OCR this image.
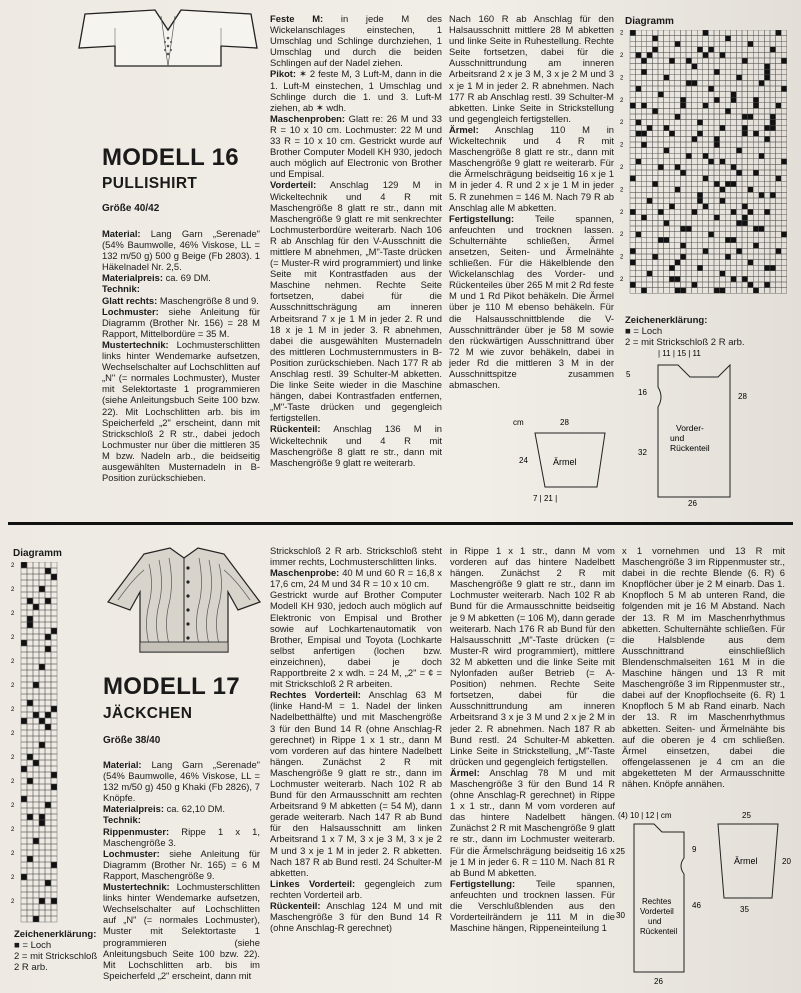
MODELL 16
PULLISHIRT
Größe 40/42

Material: Lang Garn „Serenade" (54% Baumwolle, 46% Viskose, LL = 132 m/50 g) 500 g Beige (Fb 2803). 1 Häkelnadel Nr. 2,5.

Materialpreis: ca. 69 DM.

Technik:

Glatt rechts: Maschengröße 8 und 9.

Lochmuster: siehe Anleitung für Diagramm (Brother Nr. 156) = 28 M Rapport, Mittelbordüre = 35 M.

Mustertechnik: Lochmusterschlitten links hinter Wendemarke aufsetzen, Wechselschalter auf Lochschlitten auf „N" (= normales Lochmuster), Muster mit Selektortaste 1 programmieren (siehe Anleitungsbuch Seite 100 bzw. 22). Mit Lochschlitten arb. bis im Speicherfeld „2" erscheint, dann mit Strickschloß 2 R str., dabei jedoch Lochmuster nur über die mittleren 35 M bzw. Nadeln arb., die beidseitig ausgewählten Musternadeln in B-Position zurückschieben.

Feste M: in jede M des Wickelanschlages einstechen, 1 Umschlag und Schlinge durchziehen, 1 Umschlag und durch die beiden Schlingen auf der Nadel ziehen.

Pikot: ✶ 2 feste M, 3 Luft-M, dann in die 1. Luft-M einstechen, 1 Umschlag und Schlinge durch die 1. und 3. Luft-M ziehen, ab ✶ wdh.

Maschenproben: Glatt re: 26 M und 33 R = 10 x 10 cm. Lochmuster: 22 M und 33 R = 10 x 10 cm. Gestrickt wurde auf Brother Computer Modell KH 930, jedoch auch möglich auf Electronic von Brother und Empisal.

Vorderteil: Anschlag 129 M in Wickeltechnik und 4 R mit Maschengröße 8 glatt re str., dann mit Maschengröße 9 glatt re mit senkrechter Lochmusterbordüre weiterarb. Nach 106 R ab Anschlag für den V-Ausschnitt die mittlere M abnehmen, „M"-Taste drücken (= Muster-R wird programmiert) und linke Seite mit Kontrastfaden aus der Maschine nehmen. Rechte Seite fortsetzen, dabei für die Ausschnittschrägung am inneren Arbeitsrand 7 x je 1 M in jeder 2. R und 18 x je 1 M in jeder 3. R abnehmen, dabei die ausgewählten Musternadeln des mittleren Lochmusternmusters in B-Position zurückschieben. Nach 177 R ab Anschlag restl. 39 Schulter-M abketten. Die linke Seite wieder in die Maschine hängen, dabei Kontrastfaden entfernen, „M"-Taste drücken und gegengleich fertigstellen.

Rückenteil: Anschlag 136 M in Wickeltechnik und 4 R mit Maschengröße 8 glatt re str., dann mit Maschengröße 9 glatt re weiterarb.

Nach 160 R ab Anschlag für den Halsausschnitt mittlere 28 M abketten und linke Seite in Ruhestellung. Rechte Seite fortsetzen, dabei für die Ausschnittrundung am inneren Arbeitsrand 2 x je 3 M, 3 x je 2 M und 3 x je 1 M in jeder 2. R abnehmen. Nach 177 R ab Anschlag restl. 39 Schulter-M abketten. Linke Seite in Strickstellung und gegengleich fertigstellen.

Ärmel: Anschlag 110 M in Wickeltechnik und 4 R mit Maschengröße 8 glatt re str., dann mit Maschengröße 9 glatt re weiterarb. Für die Ärmelschrägung beidseitig 16 x je 1 M in jeder 4. R und 2 x je 1 M in jeder 5. R zunehmen = 146 M. Nach 79 R ab Anschlag alle M abketten.

Fertigstellung: Teile spannen, anfeuchten und trocknen lassen. Schulternähte schließen, Ärmel ansetzen, Seiten- und Ärmelnähte schließen. Für die Häkelblende den Wickelanschlag des Vorder- und Rückenteiles über 265 M mit 2 Rd feste M und 1 Rd Pikot behäkeln. Die Ärmel über je 110 M ebenso behäkeln. Für die Halsausschnittblende die V-Ausschnittränder über je 58 M sowie den rückwärtigen Ausschnittrand über 72 M wie zuvor behäkeln, dabei in jeder Rd die mittleren 3 M in der Ausschnittspitze zusammen abmaschen.

Diagramm
2
2
2
2
2
2
2
2
2
2
2
2
Zeichenerklärung:
■ = Loch
2 = mit Strickschloß 2 R arb.
| 11 | 15 | 11
16
32
28
5
Vorder-und Rückenteil
26
cm	28
Ärmel
24
7 | 21 |
Diagramm
2
2
2
2
2
2
2
2
2
2
2
2
2
2
2
Zeichenerklärung:
■ = Loch
2 = mit Strickschloß 2 R arb.
MODELL 17
JÄCKCHEN
Größe 38/40

Material: Lang Garn „Serenade" (54% Baumwolle, 46% Viskose, LL = 132 m/50 g) 450 g Khaki (Fb 2826), 7 Knöpfe.

Materialpreis: ca. 62,10 DM.

Technik:

Rippenmuster: Rippe 1 x 1, Maschengröße 3.

Lochmuster: siehe Anleitung für Diagramm (Brother Nr. 165) = 6 M Rapport, Maschengröße 9.

Mustertechnik: Lochmusterschlitten links hinter Wendemarke aufsetzen, Wechselschalter auf Lochschlitten auf „N" (= normales Lochmuster), Muster mit Selektortaste 1 programmieren (siehe Anleitungsbuch Seite 100 bzw. 22). Mit Lochschlitten arb. bis im Speicherfeld „2" erscheint, dann mit

Strickschloß 2 R arb. Strickschloß steht immer rechts, Lochmusterschlitten links.

Maschenprobe: 40 M und 60 R = 16,8 x 17,6 cm, 24 M und 34 R = 10 x 10 cm.

Gestrickt wurde auf Brother Computer Modell KH 930, jedoch auch möglich auf Elektronic von Empisal und Brother sowie auf Lochkartenautomatik von Brother, Empisal und Toyota (Lochkarte selbst anfertigen (lochen bzw. einzeichnen), dabei je doch Rapportbreite 2 x wdh. = 24 M, „2" = ¢ = mit Strickschloß 2 R arbeiten.

Rechtes Vorderteil: Anschlag 63 M (linke Hand-M = 1. Nadel der linken Nadelbetthälfte) und mit Maschengröße 3 für den Bund 14 R (ohne Anschlag-R gerechnet) in Rippe 1 x 1 str., dann M vom vorderen auf das hintere Nadelbett hängen. Zunächst 2 R mit Maschengröße 9 glatt re str., dann im Lochmuster weiterarb. Nach 102 R ab Bund für den Armausschnitt am rechten Arbeitsrand 9 M abketten (= 54 M), dann gerade weiterarb. Nach 147 R ab Bund für den Halsausschnitt am linken Arbeitsrand 1 x 7 M, 3 x je 3 M, 3 x je 2 M und 3 x je 1 M in jeder 2. R abketten. Nach 187 R ab Bund restl. 24 Schulter-M abketten.

Linkes Vorderteil: gegengleich zum rechten Vorderteil arb.

Rückenteil: Anschlag 124 M und mit Maschengröße 3 für den Bund 14 R (ohne Anschlag-R gerechnet)

in Rippe 1 x 1 str., dann M vom vorderen auf das hintere Nadelbett hängen. Zunächst 2 R mit Maschengröße 9 glatt re str., dann im Lochmuster weiterarb. Nach 102 R ab Bund für die Armausschnitte beidseitig je 9 M abketten (= 106 M), dann gerade weiterarb. Nach 176 R ab Bund für den Halsausschnitt „M"-Taste drücken (= Muster-R wird programmiert), mittlere 32 M abketten und die linke Seite mit Nylonfaden außer Betrieb (= A-Position) nehmen. Rechte Seite fortsetzen, dabei für die Ausschnittrundung am inneren Arbeitsrand 3 x je 3 M und 2 x je 2 M in jeder 2. R abnehmen. Nach 187 R ab Bund restl. 24 Schulter-M abketten. Linke Seite in Strickstellung, „M"-Taste drücken und gegengleich fertigstellen.

Ärmel: Anschlag 78 M und mit Maschengröße 3 für den Bund 14 R (ohne Anschlag-R gerechnet) in Rippe 1 x 1 str., dann M vom vorderen auf das hintere Nadelbett hängen. Zunächst 2 R mit Maschengröße 9 glatt re str., dann im Lochmuster weiterarb. Für die Ärmelschrägung beidseitig 16 x je 1 M in jeder 6. R = 110 M. Nach 81 R ab Bund M abketten.

Fertigstellung: Teile spannen, anfeuchten und trocknen lassen. Für die Verschlußblenden aus den Vorderteilrändern je 111 M in die Maschine hängen, Rippeneinteilung 1

x 1 vornehmen und 13 R mit Maschengröße 3 im Rippenmuster str., dabei in die rechte Blende (6. R) 6 Knopflöcher über je 2 M einarb. Das 1. Knopfloch 5 M ab unteren Rand, die folgenden mit je 16 M Abstand. Nach der 13. R M im Maschenrhythmus abketten. Schulternähte schließen. Für die Halsblende aus dem Ausschnittrand einschließlich Blendenschmalseiten 161 M in die Maschine hängen und 13 R mit Maschengröße 3 im Rippenmuster str., dabei auf der Knopflochseite (6. R) 1 Knopfloch 5 M ab Rand einarb. Nach der 13. R im Maschenrhythmus abketten. Seiten- und Ärmelnähte bis auf die oberen je 4 cm schließen. Ärmel einsetzen, dabei die offengelassenen je 4 cm an die abgeketteten M der Armausschnitte nähen. Knöpfe annähen.

(4) 10 | 12 | cm
25
30
9
46
Rechtes Vorderteil und Rückenteil
26
25
Ärmel	20
35
